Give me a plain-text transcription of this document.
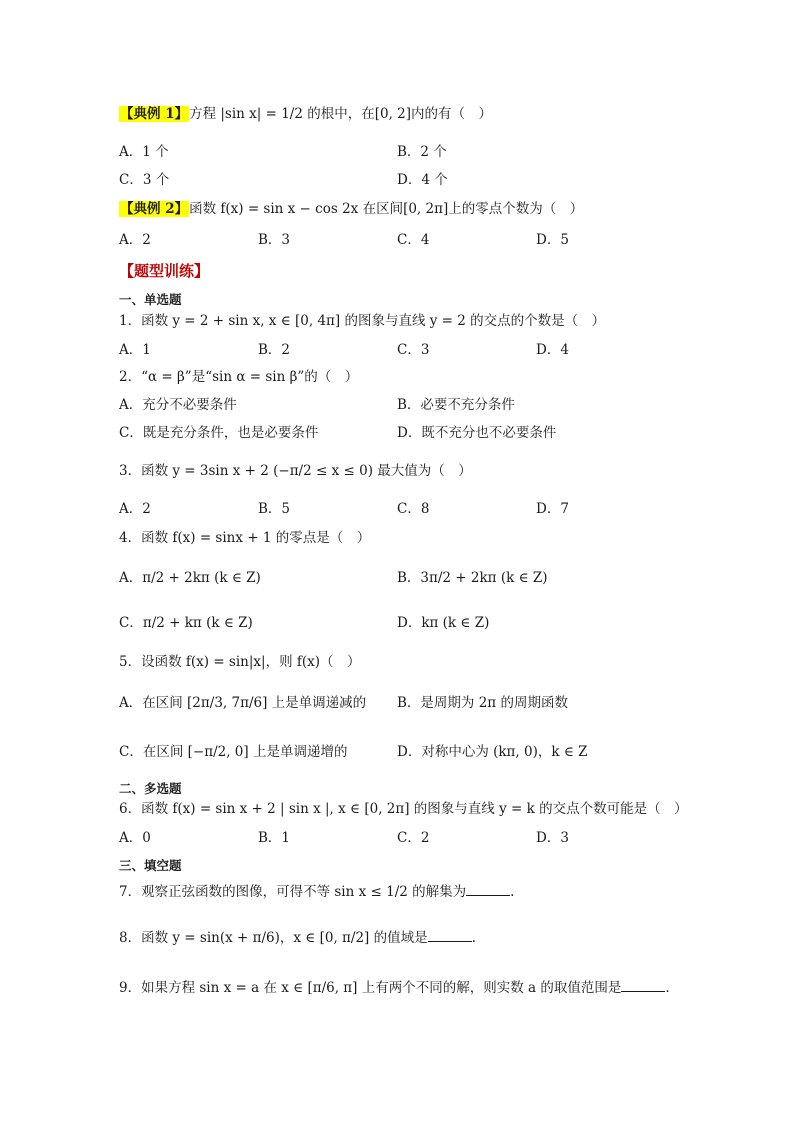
【典例 1】方程 |sin x| = 1/2 的根中，在[0, 2]内的有（　）
A．1 个	B．2 个
C．3 个	D．4 个
【典例 2】函数 f(x) = sin x − cos 2x 在区间[0, 2π]上的零点个数为（　）
A．2	B．3	C．4	D．5
【题型训练】
一、单选题
1．函数 y = 2 + sin x, x ∈ [0, 4π] 的图象与直线 y = 2 的交点的个数是（　）
A．1	B．2	C．3	D．4
2．“α = β”是“sin α = sin β”的（　）
A．充分不必要条件	B．必要不充分条件
C．既是充分条件，也是必要条件	D．既不充分也不必要条件
3．函数 y = 3sin x + 2 (−π/2 ≤ x ≤ 0) 最大值为（　）
A．2	B．5	C．8	D．7
4．函数 f(x) = sinx + 1 的零点是（　）
A．π/2 + 2kπ (k ∈ Z)	B．3π/2 + 2kπ (k ∈ Z)
C．π/2 + kπ (k ∈ Z)	D．kπ (k ∈ Z)
5．设函数 f(x) = sin|x|，则 f(x)（　）
A．在区间 [2π/3, 7π/6] 上是单调递减的 B．是周期为 2π 的周期函数
C．在区间 [−π/2, 0] 上是单调递增的	D．对称中心为 (kπ, 0)，k ∈ Z
二、多选题
6．函数 f(x) = sin x + 2 | sin x |, x ∈ [0, 2π] 的图象与直线 y = k 的交点个数可能是（　）
A．0	B．1	C．2	D．3
三、填空题
7．观察正弦函数的图像，可得不等 sin x ≤ 1/2 的解集为	.
8．函数 y = sin(x + π/6)，x ∈ [0, π/2] 的值域是	.
9．如果方程 sin x = a 在 x ∈ [π/6, π] 上有两个不同的解，则实数 a 的取值范围是	.
